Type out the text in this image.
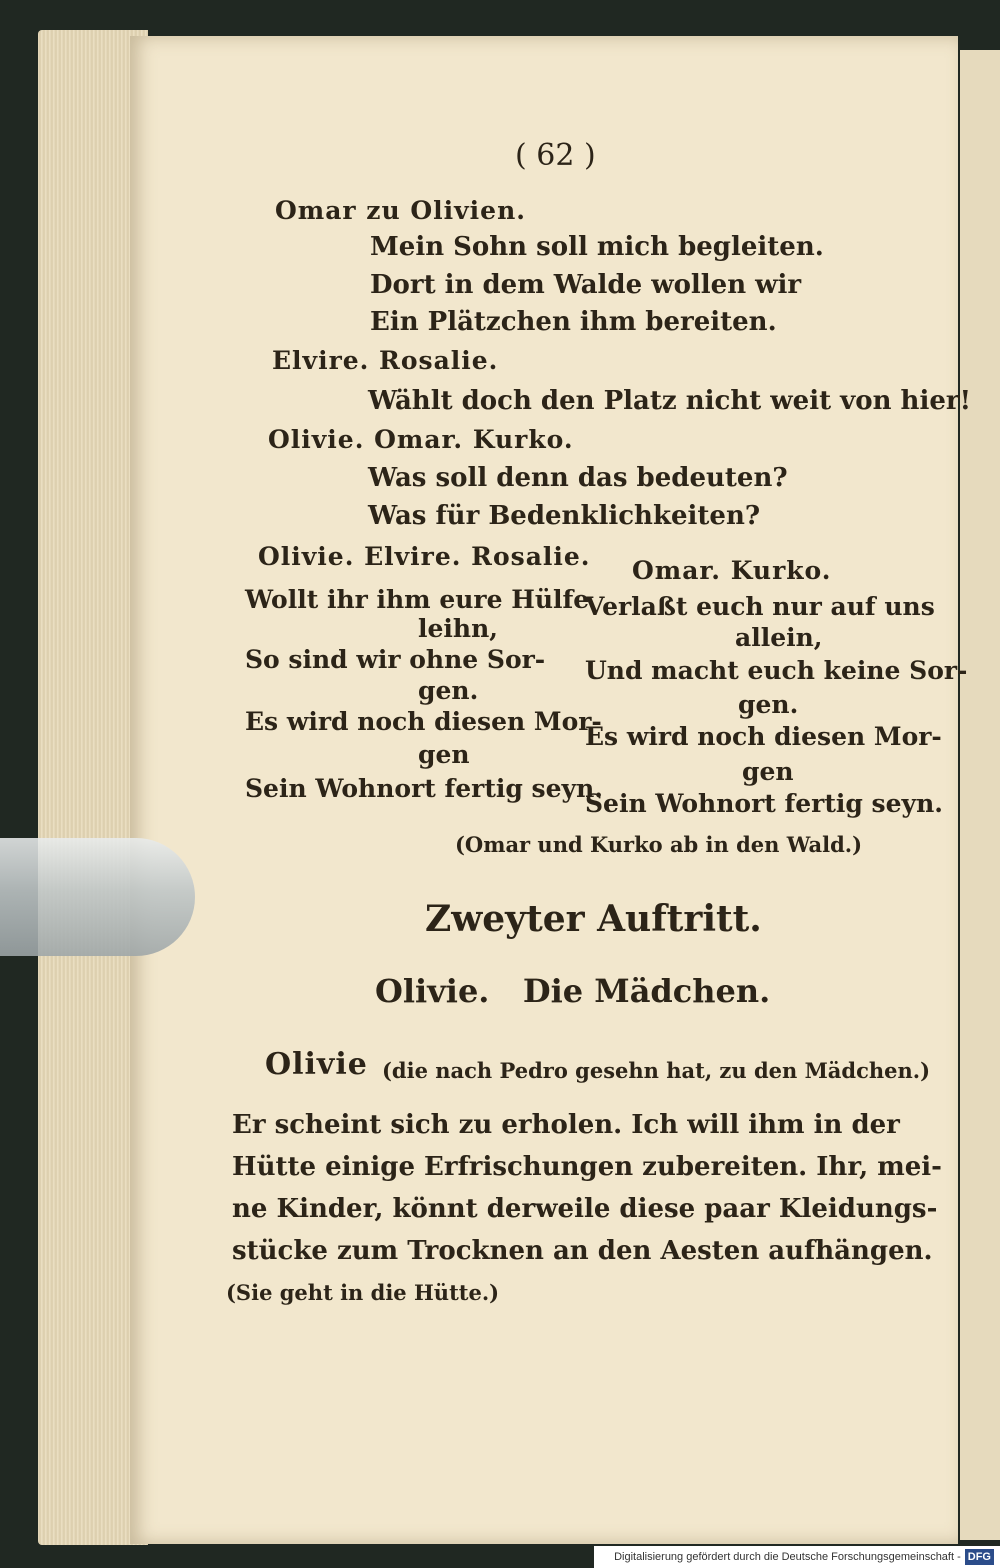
( 62 )
Omar zu Olivien.
Mein Sohn soll mich begleiten.
Dort in dem Walde wollen wir
Ein Plätzchen ihm bereiten.
Elvire. Rosalie.
Wählt doch den Platz nicht weit von hier!
Olivie. Omar. Kurko.
Was soll denn das bedeuten?
Was für Bedenklichkeiten?
Olivie. Elvire. Rosalie. Omar. Kurko.
Wollt ihr ihm eure Hülfe
leihn,
So sind wir ohne Sor-
gen.
Es wird noch diesen Mor-
gen
Sein Wohnort fertig seyn.
Verlaßt euch nur auf uns
allein,
Und macht euch keine Sor-
gen.
Es wird noch diesen Mor-
gen
Sein Wohnort fertig seyn.
(Omar und Kurko ab in den Wald.)
Zweyter Auftritt.
Olivie.   Die Mädchen.
Olivie (die nach Pedro gesehn hat, zu den Mädchen.)
Er scheint sich zu erholen. Ich will ihm in der
Hütte einige Erfrischungen zubereiten. Ihr, mei-
ne Kinder, könnt derweile diese paar Kleidungs-
stücke zum Trocknen an den Aesten aufhängen.
(Sie geht in die Hütte.)
Digitalisierung gefördert durch die Deutsche Forschungsgemeinschaft - DFG
